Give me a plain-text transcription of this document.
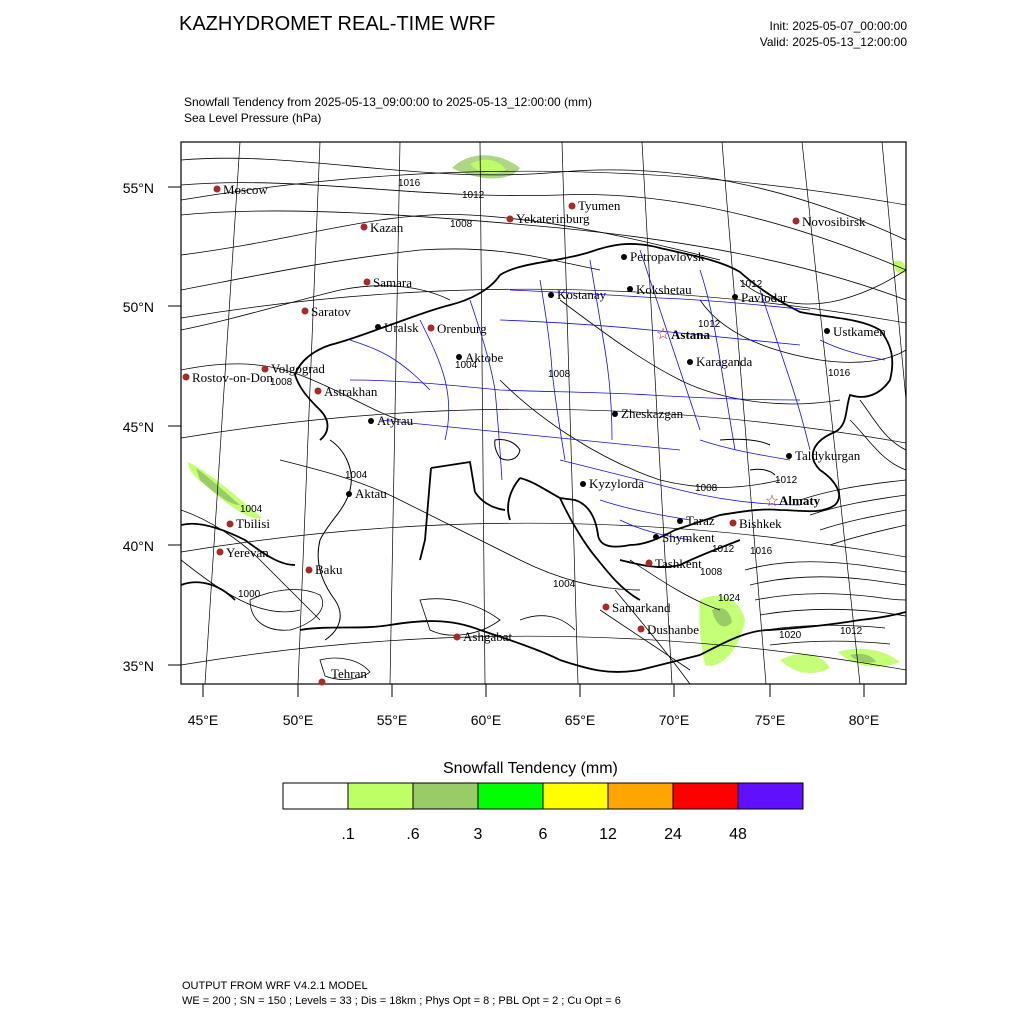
KAZHYDROMET REAL-TIME WRF	Init: 2025-05-07_00:00:00
Valid: 2025-05-13_12:00:00
Snowfall Tendency from 2025-05-13_09:00:00 to 2025-05-13_12:00:00 (mm)
Sea Level Pressure (hPa)
1016
1012
1008
1012
1012
1008
1008
1016
1004
1004
1008
1012
1016
1012
1012
1008
1004
1000	1024
1020
1004
Moscow
Kazan
Samara
Saratov
Volgograd
Rostov-on-Don
Astrakhan
Orenburg
Yekaterinburg
Tyumen
Novosibirsk
Tbilisi
Yerevan
Baku
Ashgabat
Tehran
Samarkand
Dushanbe
Tashkent
Bishkek
Petropavlovsk
Kostanay Kokshetau
Pavlodar
Uralsk
Aktobe
Ustkamen
Karaganda
Atyrau	Zheskazgan
Taldykurgan
Aktau
Kyzylorda
Taraz
Shymkent
☆ Astana
☆ Almaty
55°N
50°N
45°N
40°N
35°N
45°E	50°E	55°E	60°E	65°E	70°E	75°E	80°E
Snowfall Tendency (mm)
.1	.6	3	6	12	24	48
OUTPUT FROM WRF V4.2.1 MODEL
WE = 200 ; SN = 150 ; Levels = 33 ; Dis = 18km ; Phys Opt = 8 ; PBL Opt = 2 ; Cu Opt = 6
